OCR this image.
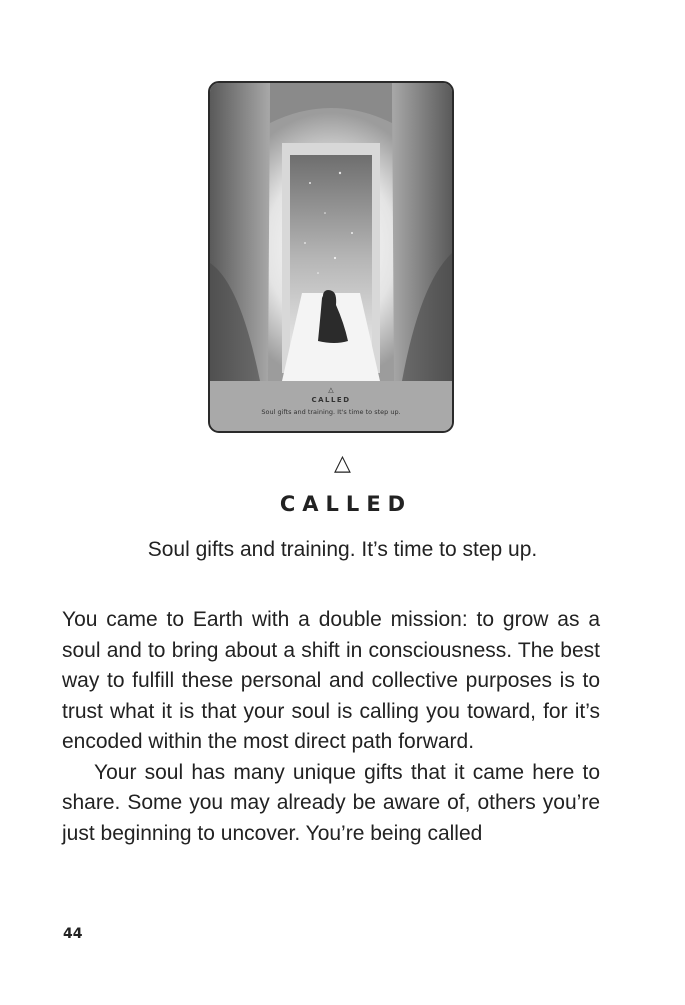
△
CALLED
Soul gifts and training. It's time to step up.
△
CALLED
Soul gifts and training. It’s time to step up.

You came to Earth with a double mission: to grow as a soul and to bring about a shift in consciousness. The best way to fulfill these personal and collective purposes is to trust what it is that your soul is calling you toward, for it’s encoded within the most direct path forward.

Your soul has many unique gifts that it came here to share. Some you may already be aware of, others you’re just beginning to uncover. You’re being called

44
